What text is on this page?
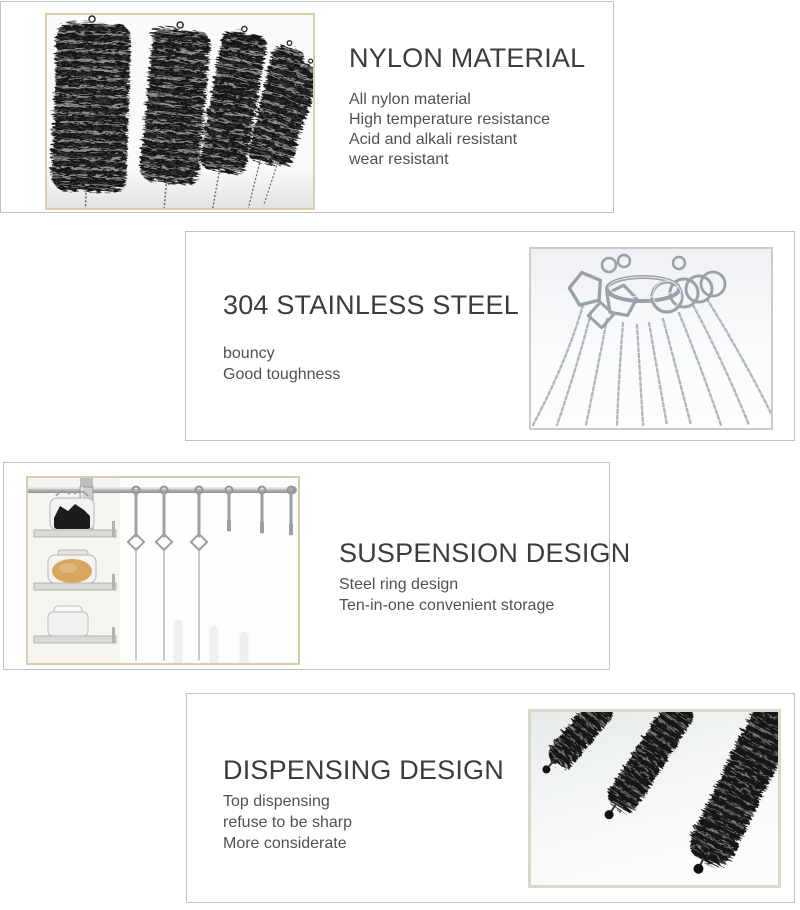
NYLON MATERIAL
All nylon material
High temperature resistance
Acid and alkali resistant
wear resistant
304 STAINLESS STEEL
bouncy
Good toughness
SUSPENSION DESIGN
Steel ring design
Ten-in-one convenient storage
DISPENSING DESIGN
Top dispensing
refuse to be sharp
More considerate
